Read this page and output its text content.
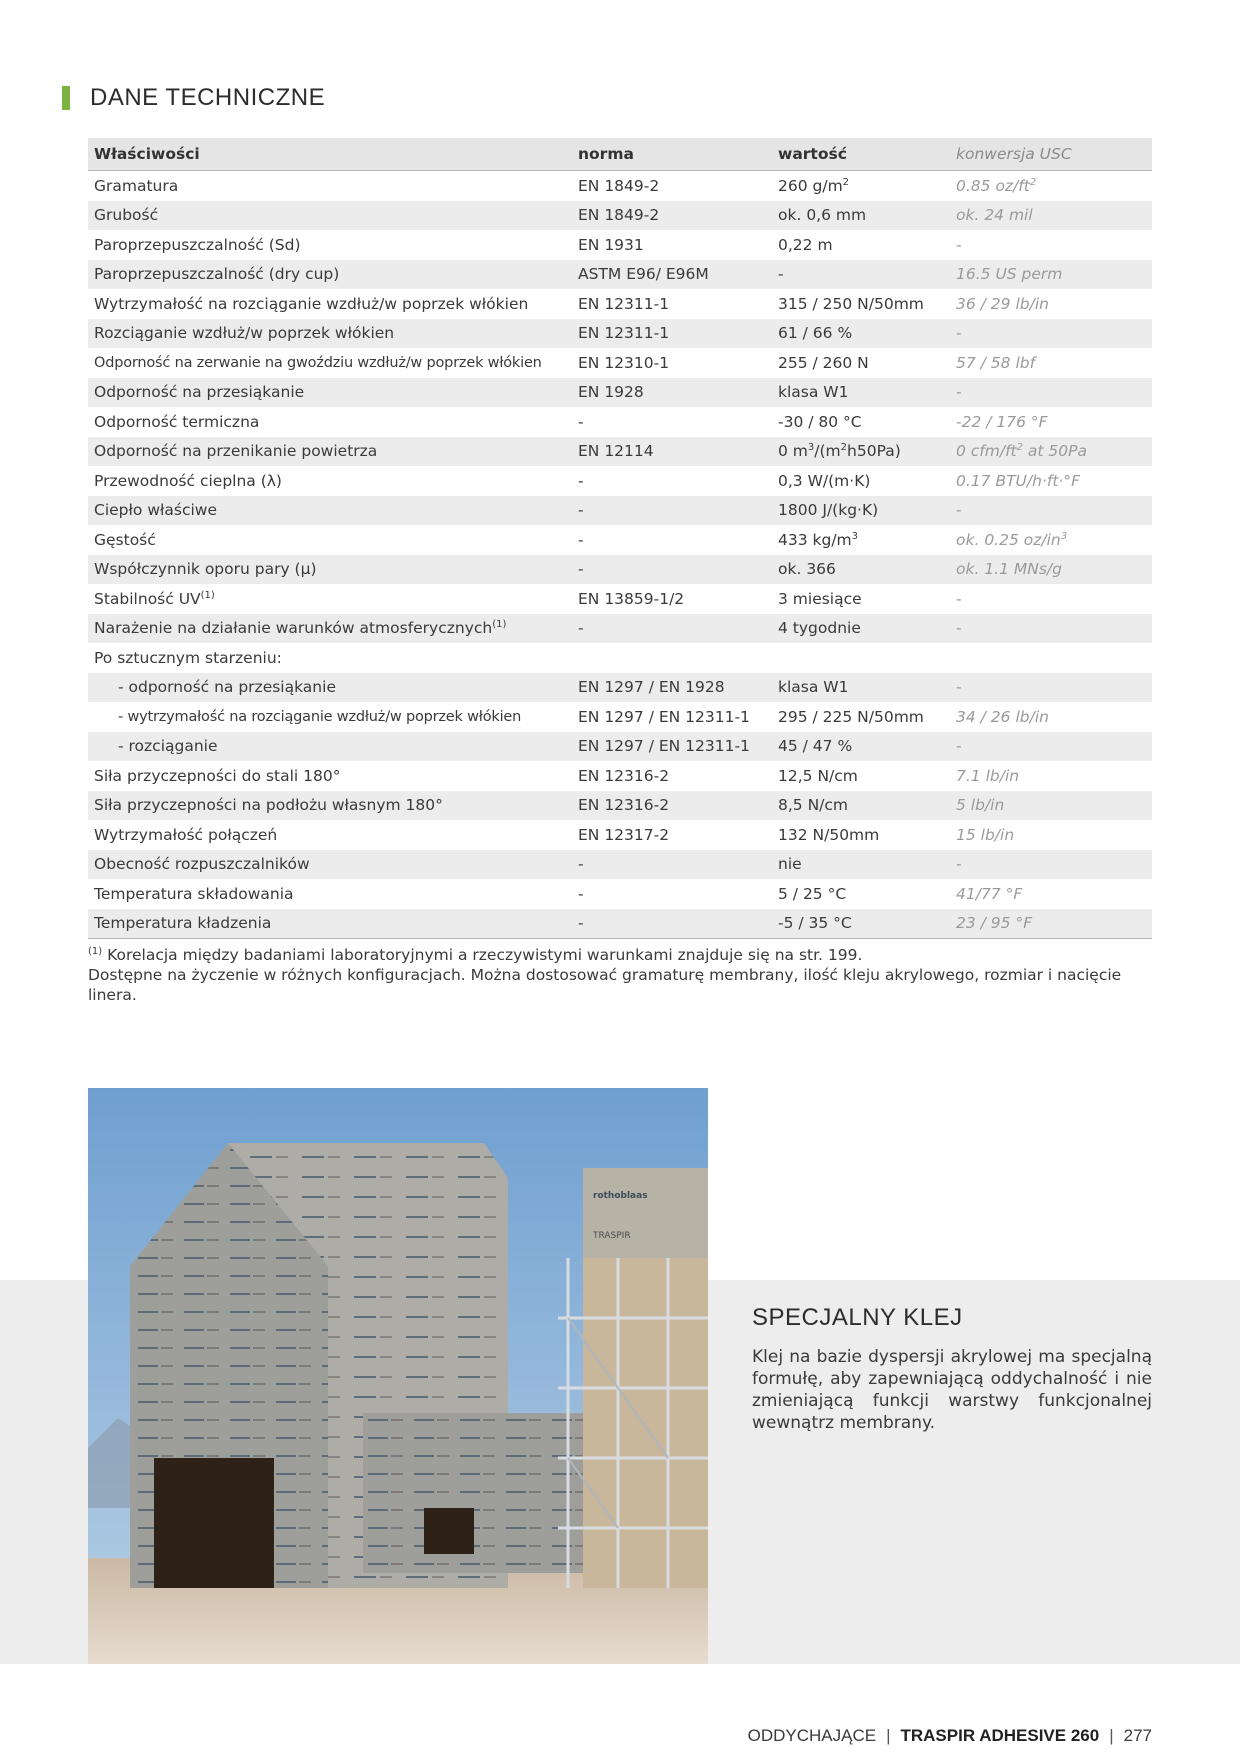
DANE TECHNICZNE
Właściwości	norma	wartość	konwersja USC
Gramatura	EN 1849-2	260 $g/m^2$	0.85 $oz/ft^2$
Grubość	EN 1849-2	ok. 0,6 mm	ok. 24 mil
Paroprzepuszczalność (Sd)	EN 1931	0,22 m	-
Paroprzepuszczalność (dry cup)	ASTM E96/ E96M	-	16.5 US perm
Wytrzymałość na rozciąganie wzdłuż/w poprzek włókien	EN 12311-1	315 / 250 N/50mm	36 / 29 lb/in
Rozciąganie wzdłuż/w poprzek włókien	EN 12311-1	61 / 66 %	-
Odporność na zerwanie na gwoździu wzdłuż/w poprzek włókien	EN 12310-1	255 / 260 N	57 / 58 lbf
Odporność na przesiąkanie	EN 1928	klasa W1	-
Odporność termiczna	-	-30 / 80 °C	-22 / 176 °F
Odporność na przenikanie powietrza	EN 12114	0 $m^3/(m^2h50Pa)$	0 cfm/$ft^2$ at 50Pa
Przewodność cieplna (λ)	-	0,3 W/(m·K)	0.17 BTU/h·ft·°F
Ciepło właściwe	-	1800 J/(kg·K)	-
Gęstość	-	433 $kg/m^3$	ok. 0.25 $oz/in^3$
Współczynnik oporu pary (μ)	-	ok. 366	ok. 1.1 MNs/g
Stabilność UV$^{(1)}$	EN 13859-1/2	3 miesiące	-
Narażenie na działanie warunków atmosferycznych$^{(1)}$	-	4 tygodnie	-
Po sztucznym starzeniu:			
- odporność na przesiąkanie	EN 1297 / EN 1928	klasa W1	-
- wytrzymałość na rozciąganie wzdłuż/w poprzek włókien	EN 1297 / EN 12311-1	295 / 225 N/50mm	34 / 26 lb/in
- rozciąganie	EN 1297 / EN 12311-1	45 / 47 %	-
Siła przyczepności do stali 180°	EN 12316-2	12,5 N/cm	7.1 lb/in
Siła przyczepności na podłożu własnym 180°	EN 12316-2	8,5 N/cm	5 lb/in
Wytrzymałość połączeń	EN 12317-2	132 N/50mm	15 lb/in
Obecność rozpuszczalników	-	nie	-
Temperatura składowania	-	5 / 25 °C	41/77 °F
Temperatura kładzenia	-	-5 / 35 °C	23 / 95 °F
$^{(1)}$ Korelacja między badaniami laboratoryjnymi a rzeczywistymi warunkami znajduje się na str. 199.
Dostępne na życzenie w różnych konfiguracjach. Można dostosować gramaturę membrany, ilość kleju akrylowego, rozmiar i nacięcie linera.
rothoblaas
TRASPIR
SPECJALNY KLEJ
Klej na bazie dyspersji akrylowej ma specjalną formułę, aby zapewniającą oddychalność i nie zmieniającą funkcji warstwy funkcjonalnej wewnątrz membrany.
ODDYCHAJĄCE | TRASPIR ADHESIVE 260 | 277
